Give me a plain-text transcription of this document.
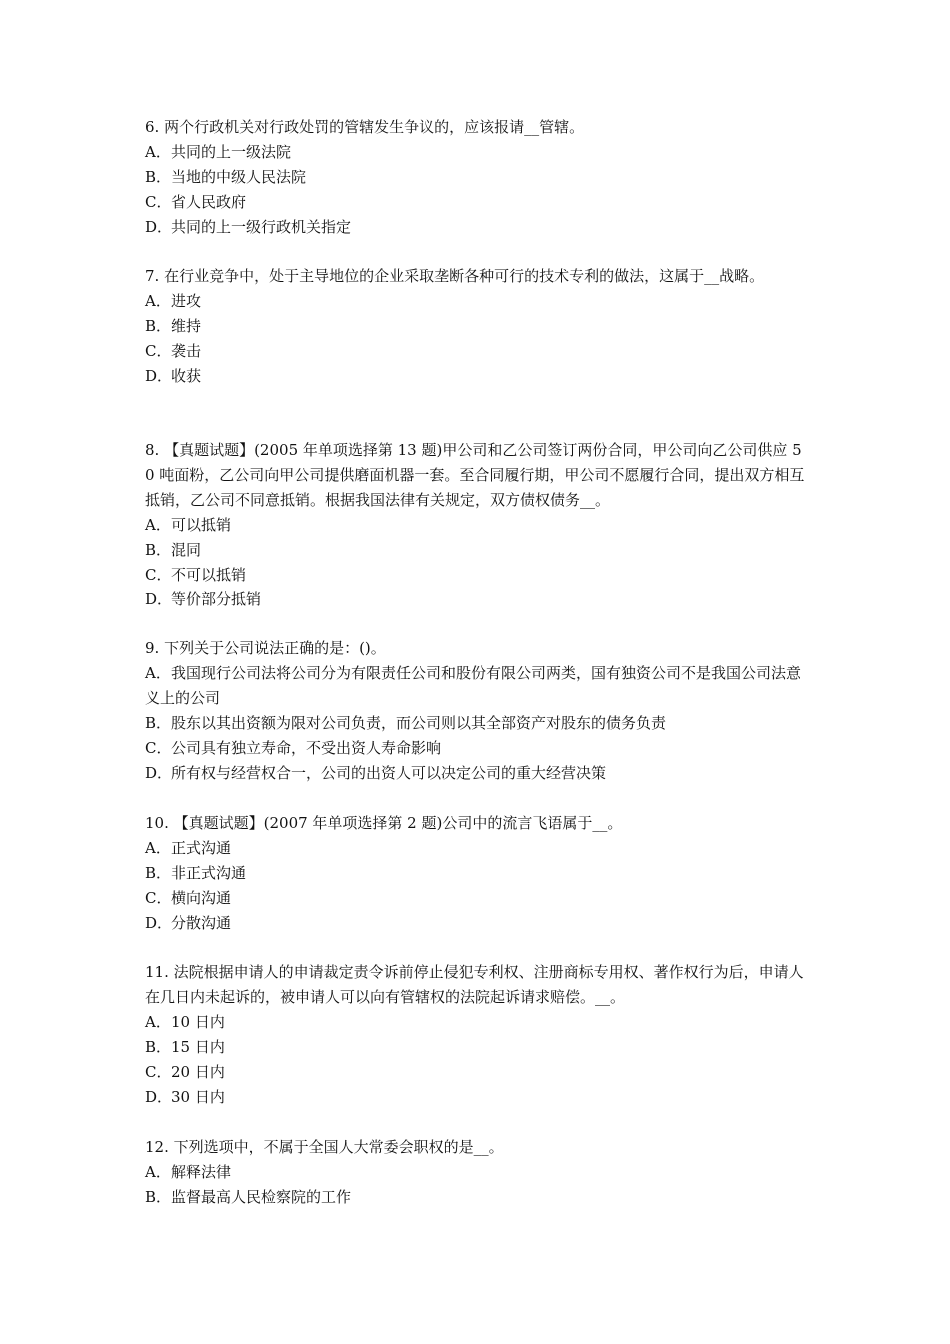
6. 两个行政机关对行政处罚的管辖发生争议的，应该报请__管辖。

A．共同的上一级法院

B．当地的中级人民法院

C．省人民政府

D．共同的上一级行政机关指定

7. 在行业竞争中，处于主导地位的企业采取垄断各种可行的技术专利的做法，这属于__战略。

A．进攻

B．维持

C．袭击

D．收获

8. 【真题试题】(2005 年单项选择第 13 题)甲公司和乙公司签订两份合同，甲公司向乙公司供应 50 吨面粉，乙公司向甲公司提供磨面机器一套。至合同履行期，甲公司不愿履行合同，提出双方相互抵销，乙公司不同意抵销。根据我国法律有关规定，双方债权债务__。

A．可以抵销

B．混同

C．不可以抵销

D．等价部分抵销

9. 下列关于公司说法正确的是：()。

A．我国现行公司法将公司分为有限责任公司和股份有限公司两类，国有独资公司不是我国公司法意义上的公司

B．股东以其出资额为限对公司负责，而公司则以其全部资产对股东的债务负责

C．公司具有独立寿命，不受出资人寿命影响

D．所有权与经营权合一，公司的出资人可以决定公司的重大经营决策

10. 【真题试题】(2007 年单项选择第 2 题)公司中的流言飞语属于__。

A．正式沟通

B．非正式沟通

C．横向沟通

D．分散沟通

11. 法院根据申请人的申请裁定责令诉前停止侵犯专利权、注册商标专用权、著作权行为后，申请人在几日内未起诉的，被申请人可以向有管辖权的法院起诉请求赔偿。__。

A．10 日内

B．15 日内

C．20 日内

D．30 日内

12. 下列选项中，不属于全国人大常委会职权的是__。

A．解释法律

B．监督最高人民检察院的工作
